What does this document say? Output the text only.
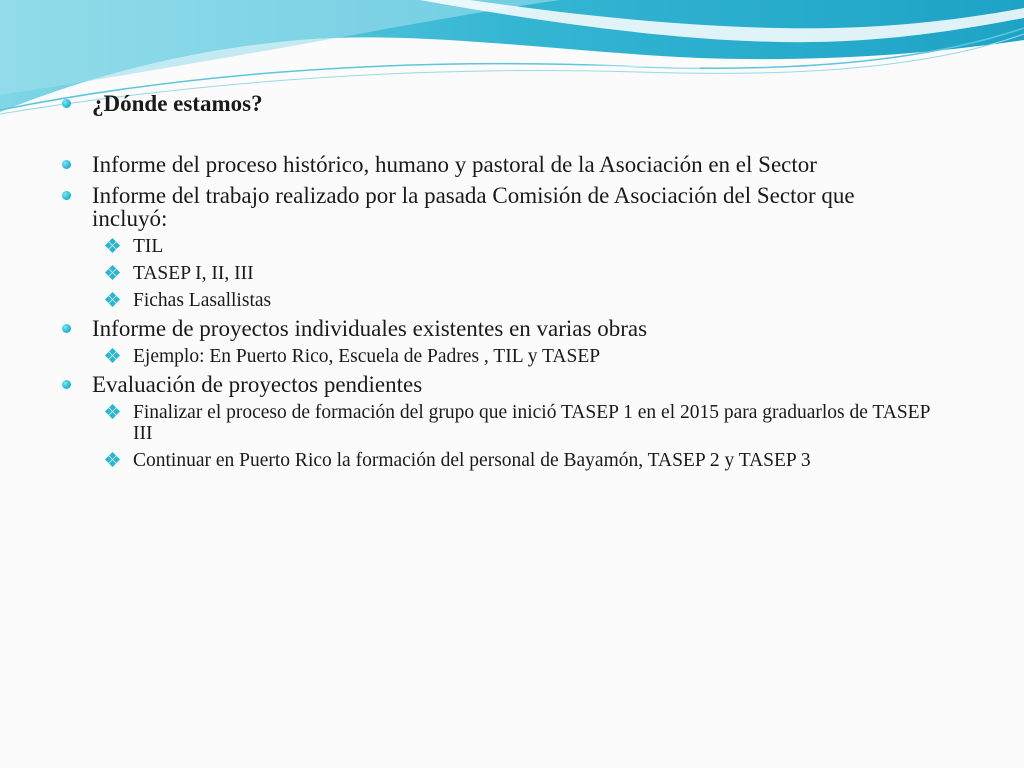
¿Dónde estamos?
Informe del proceso histórico, humano y pastoral de la Asociación en el Sector
Informe del trabajo realizado por la pasada Comisión de Asociación del Sector que incluyó:
TIL
TASEP I, II, III
Fichas Lasallistas
Informe de proyectos individuales existentes en varias obras
Ejemplo: En Puerto Rico, Escuela de Padres , TIL y TASEP
Evaluación de proyectos pendientes
Finalizar el proceso de formación del grupo que inició TASEP 1 en el 2015 para graduarlos de TASEP III
Continuar en Puerto Rico la formación del personal de Bayamón, TASEP 2 y TASEP 3
